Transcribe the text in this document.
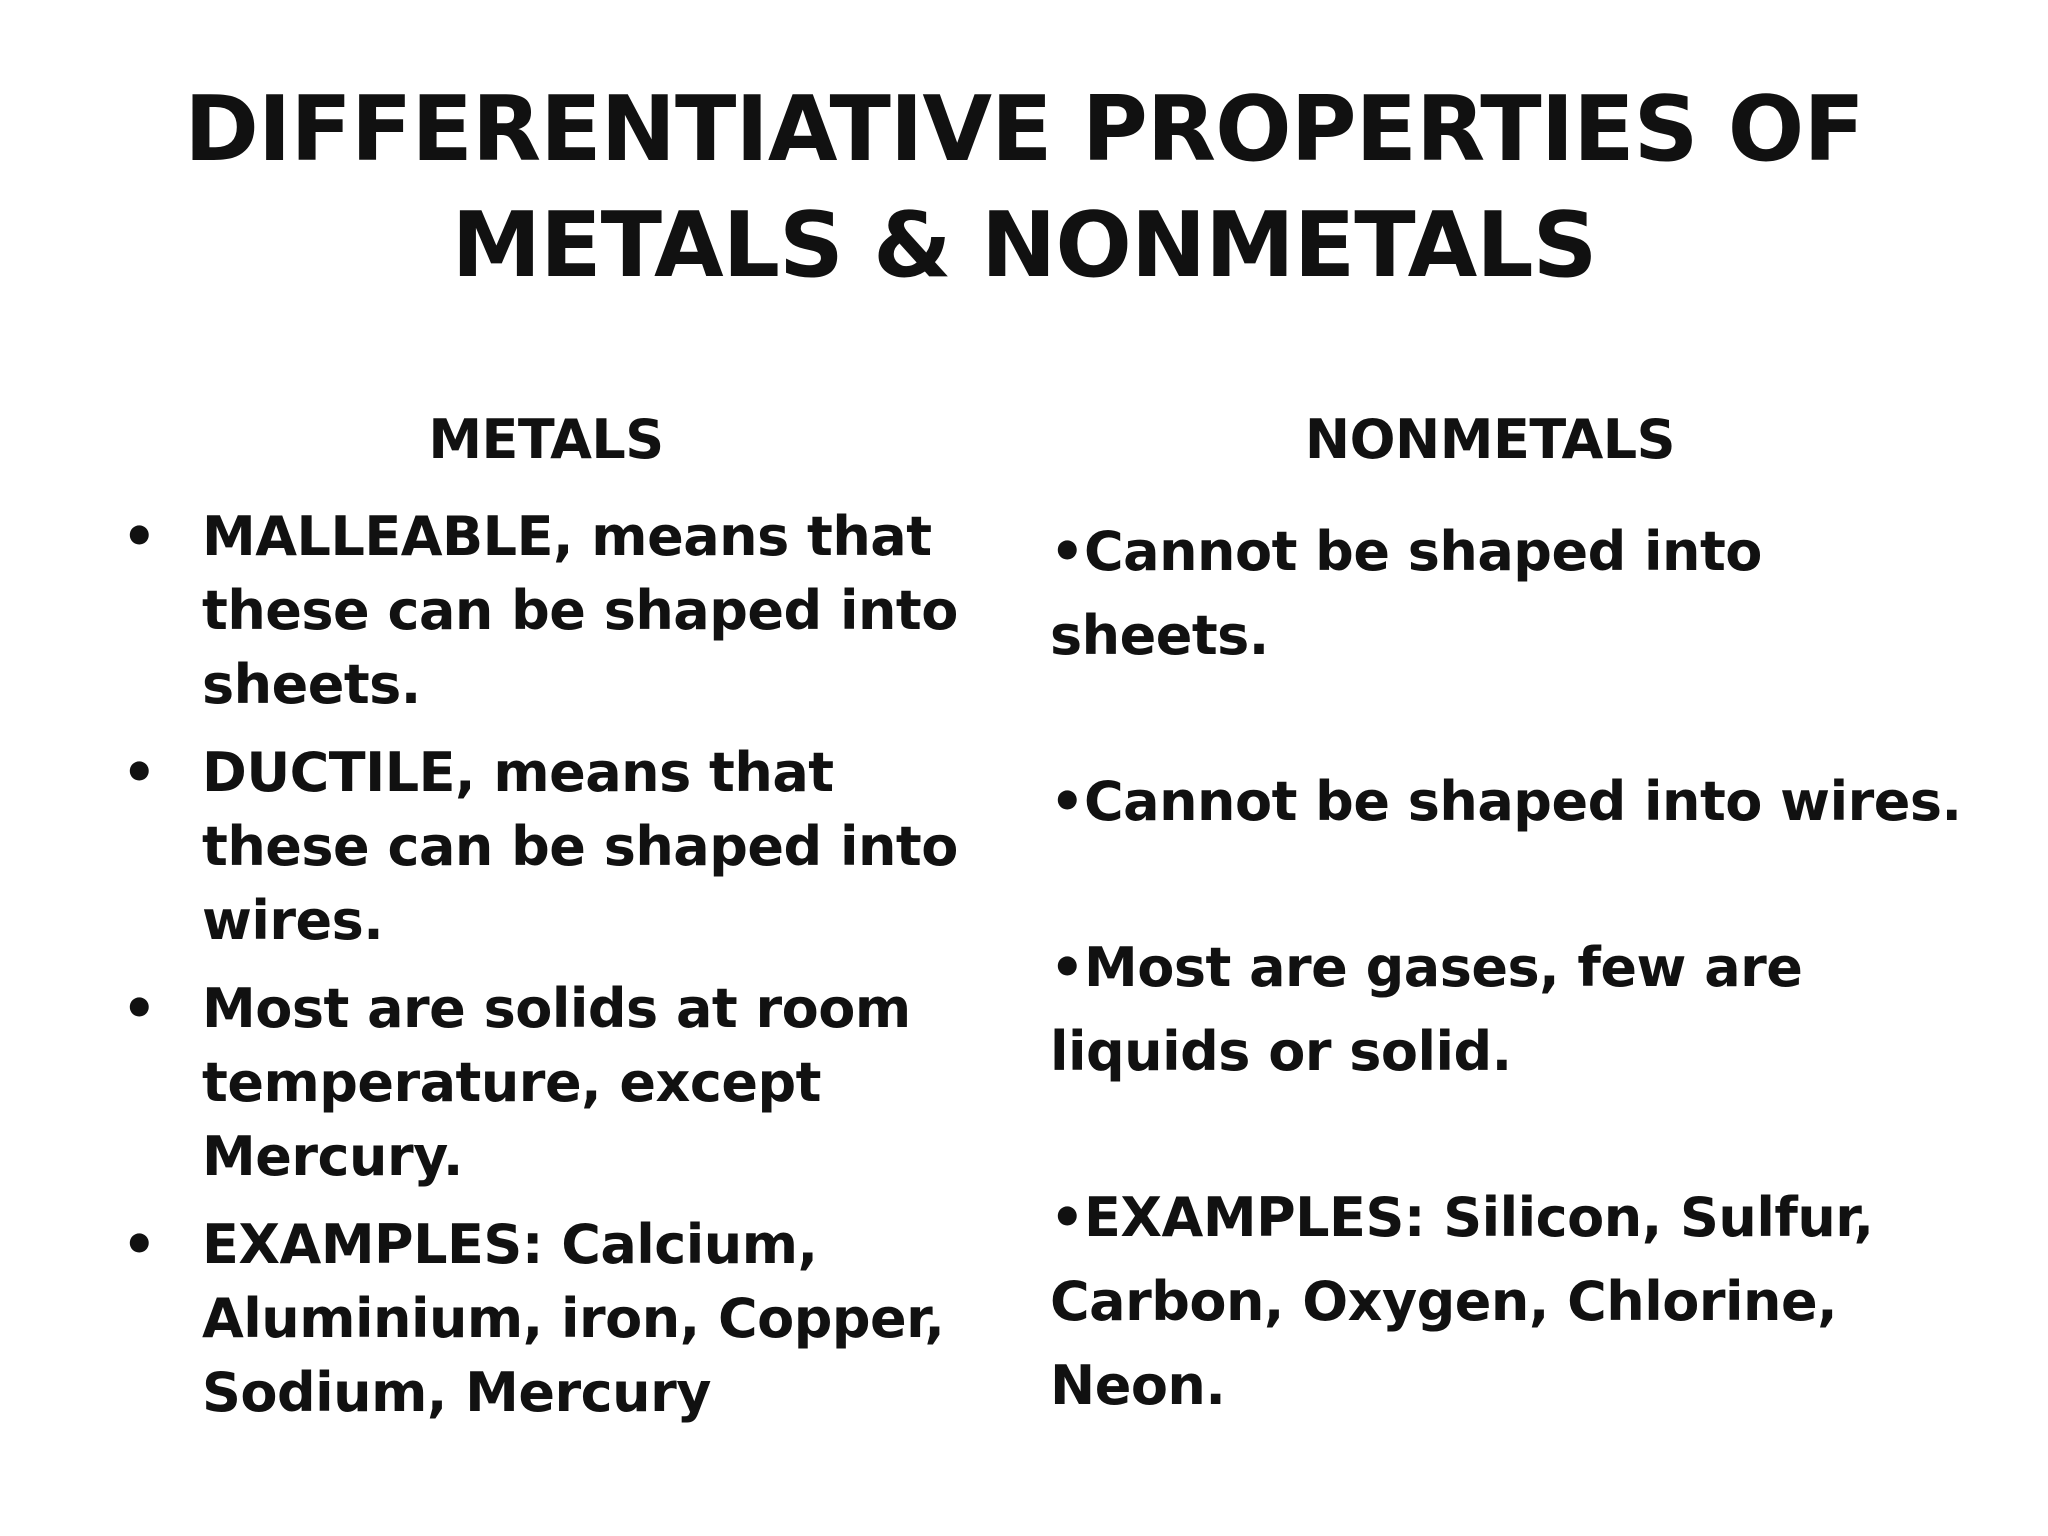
DIFFERENTIATIVE PROPERTIES OF
METALS & NONMETALS
METALS	NONMETALS
• MALLEABLE, means that these can be shaped into sheets.
• DUCTILE, means that these can be shaped into wires.
• Most are solids at room temperature, except Mercury.
• EXAMPLES: Calcium, Aluminium, iron, Copper, Sodium, Mercury

•Cannot be shaped into sheets.

•Cannot be shaped into wires.

•Most are gases, few are liquids or solid.

•EXAMPLES: Silicon, Sulfur, Carbon, Oxygen, Chlorine, Neon.
